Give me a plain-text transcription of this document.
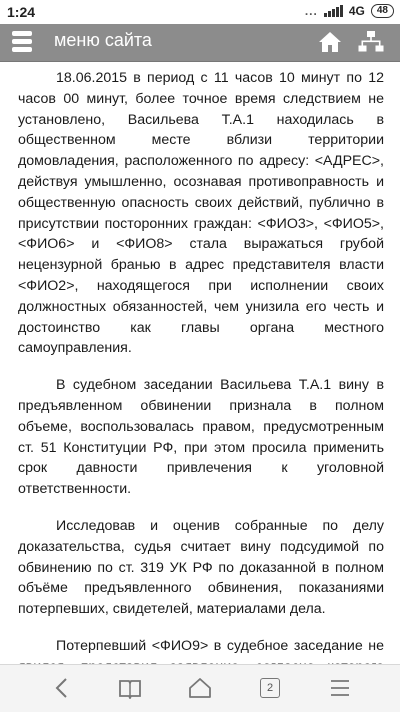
1:24	...	4G	48
меню сайта

18.06.2015 в период с 11 часов 10 минут по 12 часов 00 минут, более точное время следствием не установлено, Васильева Т.А.1 находилась в общественном месте вблизи территории домовладения, расположенного по адресу: <АДРЕС>, действуя умышленно, осознавая противоправность и общественную опасность своих действий, публично в присутствии посторонних граждан: <ФИО3>, <ФИО5>, <ФИО6> и <ФИО8> стала выражаться грубой нецензурной бранью в адрес представителя власти <ФИО2>, находящегося при исполнении своих должностных обязанностей, чем унизила его честь и достоинство как главы органа местного самоуправления.

В судебном заседании Васильева Т.А.1 вину в предъявленном обвинении признала в полном объеме, воспользовалась правом, предусмотренным ст. 51 Конституции РФ, при этом просила применить срок давности привлечения к уголовной ответственности.

Исследовав и оценив собранные по делу доказательства, судья считает вину подсудимой по обвинению по ст. 319 УК РФ по доказанной в полном объёме предъявленного обвинения, показаниями потерпевших, свидетелей, материалами дела.

Потерпевший <ФИО9> в судебное заседание не

2
